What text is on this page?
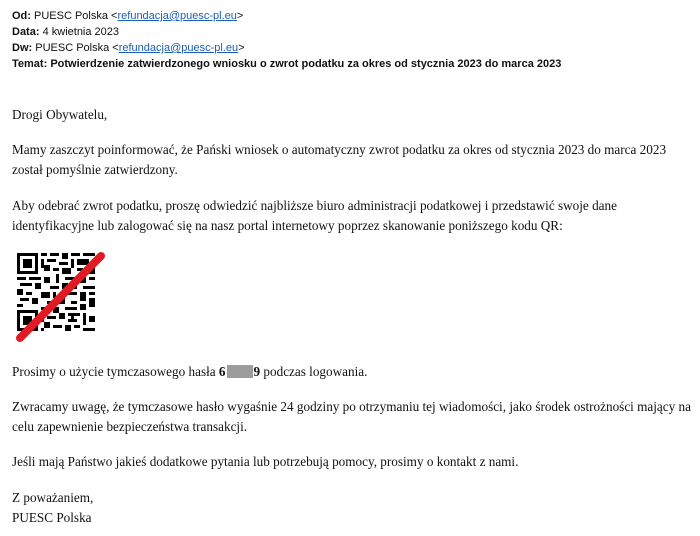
Od: PUESC Polska <refundacja@puesc-pl.eu>
Data: 4 kwietnia 2023
Dw: PUESC Polska <refundacja@puesc-pl.eu>
Temat: Potwierdzenie zatwierdzonego wniosku o zwrot podatku za okres od stycznia 2023 do marca 2023

Drogi Obywatelu,

Mamy zaszczyt poinformować, że Pański wniosek o automatyczny zwrot podatku za okres od stycznia 2023 do marca 2023 został pomyślnie zatwierdzony.

Aby odebrać zwrot podatku, proszę odwiedzić najbliższe biuro administracji podatkowej i przedstawić swoje dane identyfikacyjne lub zalogować się na nasz portal internetowy poprzez skanowanie poniższego kodu QR:

Prosimy o użycie tymczasowego hasła 6 9 podczas logowania.

Zwracamy uwagę, że tymczasowe hasło wygaśnie 24 godziny po otrzymaniu tej wiadomości, jako środek ostrożności mający na celu zapewnienie bezpieczeństwa transakcji.

Jeśli mają Państwo jakieś dodatkowe pytania lub potrzebują pomocy, prosimy o kontakt z nami.

Z poważaniem,
PUESC Polska
